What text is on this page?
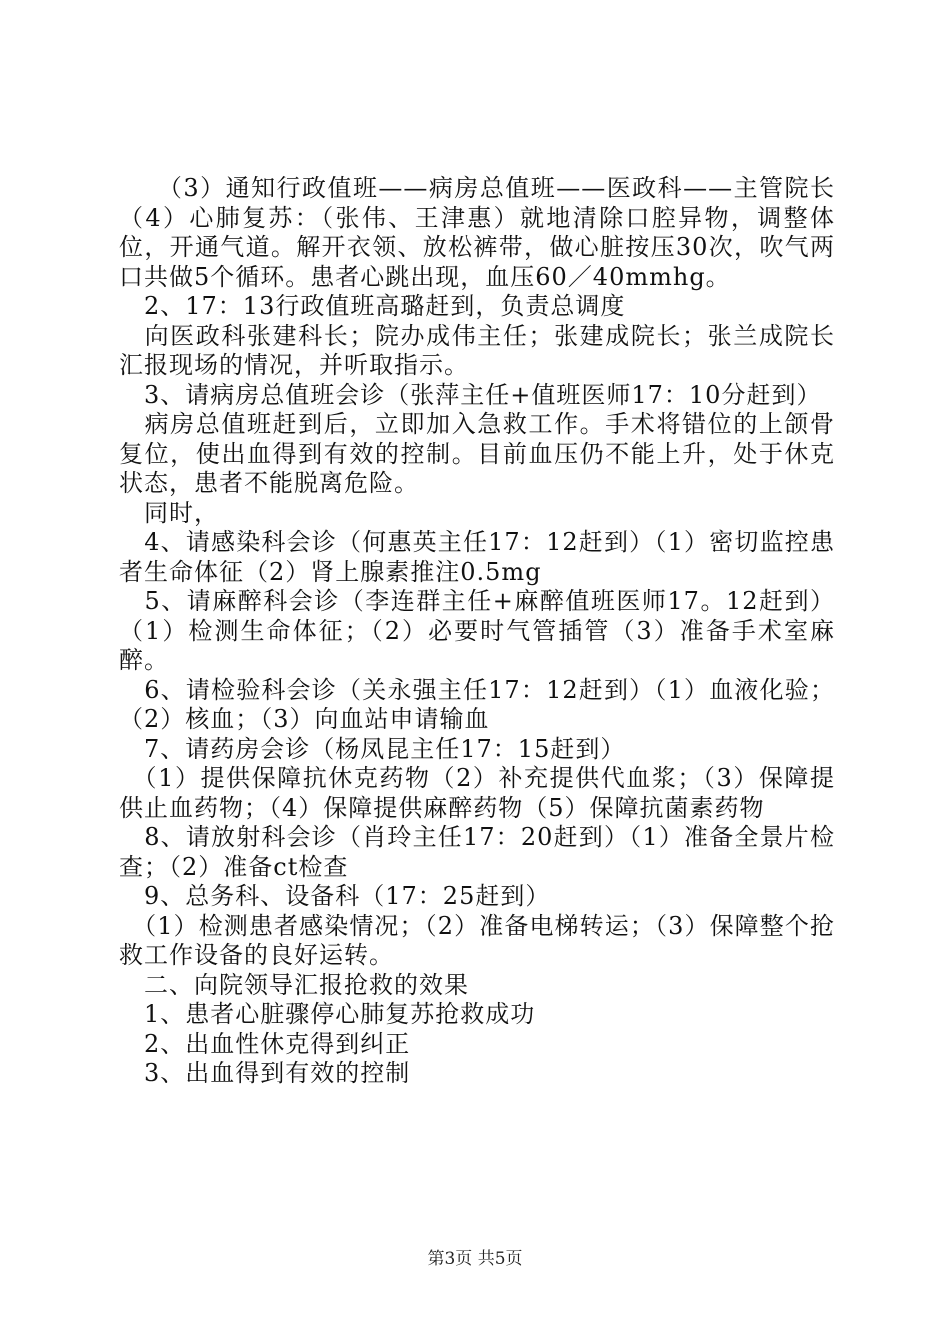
　　（3）通知行政值班——病房总值班——医政科——主管院长（4）心肺复苏：（张伟、王津惠）就地清除口腔异物，调整体位，开通气道。解开衣领、放松裤带，做心脏按压30次，吹气两口共做5个循环。患者心跳出现，血压60／40mmhg。

　2、17：13行政值班高璐赶到，负责总调度

　向医政科张建科长；院办成伟主任；张建成院长；张兰成院长汇报现场的情况，并听取指示。

　3、请病房总值班会诊（张萍主任+值班医师17：10分赶到）

　病房总值班赶到后，立即加入急救工作。手术将错位的上颌骨复位，使出血得到有效的控制。目前血压仍不能上升，处于休克状态，患者不能脱离危险。

　同时，

　4、请感染科会诊（何惠英主任17：12赶到）（1）密切监控患者生命体征（2）肾上腺素推注0.5mg

　5、请麻醉科会诊（李连群主任+麻醉值班医师17。12赶到）（1）检测生命体征；（2）必要时气管插管（3）准备手术室麻醉。

　6、请检验科会诊（关永强主任17：12赶到）（1）血液化验；（2）核血；（3）向血站申请输血

　7、请药房会诊（杨凤昆主任17：15赶到）

　（1）提供保障抗休克药物（2）补充提供代血浆；（3）保障提供止血药物；（4）保障提供麻醉药物（5）保障抗菌素药物

　8、请放射科会诊（肖玲主任17：20赶到）（1）准备全景片检查；（2）准备ct检查

　9、总务科、设备科（17：25赶到）

　（1）检测患者感染情况；（2）准备电梯转运；（3）保障整个抢救工作设备的良好运转。

　二、向院领导汇报抢救的效果

　1、患者心脏骤停心肺复苏抢救成功

　2、出血性休克得到纠正

　3、出血得到有效的控制

第3页 共5页
